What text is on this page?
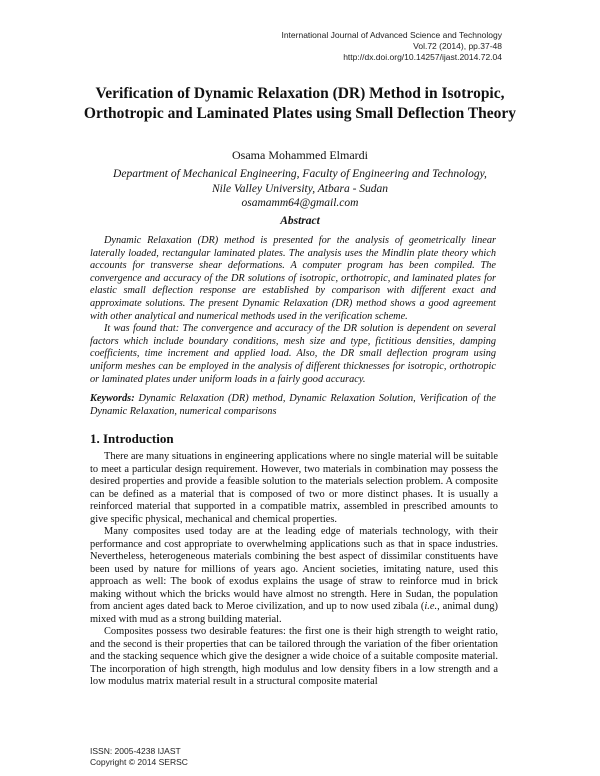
International Journal of Advanced Science and Technology
Vol.72 (2014), pp.37-48
http://dx.doi.org/10.14257/ijast.2014.72.04
Verification of Dynamic Relaxation (DR) Method in Isotropic,
Orthotropic and Laminated Plates using Small Deflection Theory
Osama Mohammed Elmardi
Department of Mechanical Engineering, Faculty of Engineering and Technology,
Nile Valley University, Atbara - Sudan
osamamm64@gmail.com
Abstract

Dynamic Relaxation (DR) method is presented for the analysis of geometrically linear laterally loaded, rectangular laminated plates. The analysis uses the Mindlin plate theory which accounts for transverse shear deformations. A computer program has been compiled. The convergence and accuracy of the DR solutions of isotropic, orthotropic, and laminated plates for elastic small deflection response are established by comparison with different exact and approximate solutions. The present Dynamic Relaxation (DR) method shows a good agreement with other analytical and numerical methods used in the verification scheme.

It was found that: The convergence and accuracy of the DR solution is dependent on several factors which include boundary conditions, mesh size and type, fictitious densities, damping coefficients, time increment and applied load. Also, the DR small deflection program using uniform meshes can be employed in the analysis of different thicknesses for isotropic, orthotropic or laminated plates under uniform loads in a fairly good accuracy.

Keywords: Dynamic Relaxation (DR) method, Dynamic Relaxation Solution, Verification of the Dynamic Relaxation, numerical comparisons
1. Introduction

There are many situations in engineering applications where no single material will be suitable to meet a particular design requirement. However, two materials in combination may possess the desired properties and provide a feasible solution to the materials selection problem. A composite can be defined as a material that is composed of two or more distinct phases. It is usually a reinforced material that supported in a compatible matrix, assembled in prescribed amounts to give specific physical, mechanical and chemical properties.

Many composites used today are at the leading edge of materials technology, with their performance and cost appropriate to overwhelming applications such as that in space industries. Nevertheless, heterogeneous materials combining the best aspect of dissimilar constituents have been used by nature for millions of years ago. Ancient societies, imitating nature, used this approach as well: The book of exodus explains the usage of straw to reinforce mud in brick making without which the bricks would have almost no strength. Here in Sudan, the population from ancient ages dated back to Meroe civilization, and up to now used zibala (i.e., animal dung) mixed with mud as a strong building material.

Composites possess two desirable features: the first one is their high strength to weight ratio, and the second is their properties that can be tailored through the variation of the fiber orientation and the stacking sequence which give the designer a wide choice of a suitable composite material. The incorporation of high strength, high modulus and low density fibers in a low strength and a low modulus matrix material result in a structural composite material

ISSN: 2005-4238 IJAST
Copyright © 2014 SERSC
